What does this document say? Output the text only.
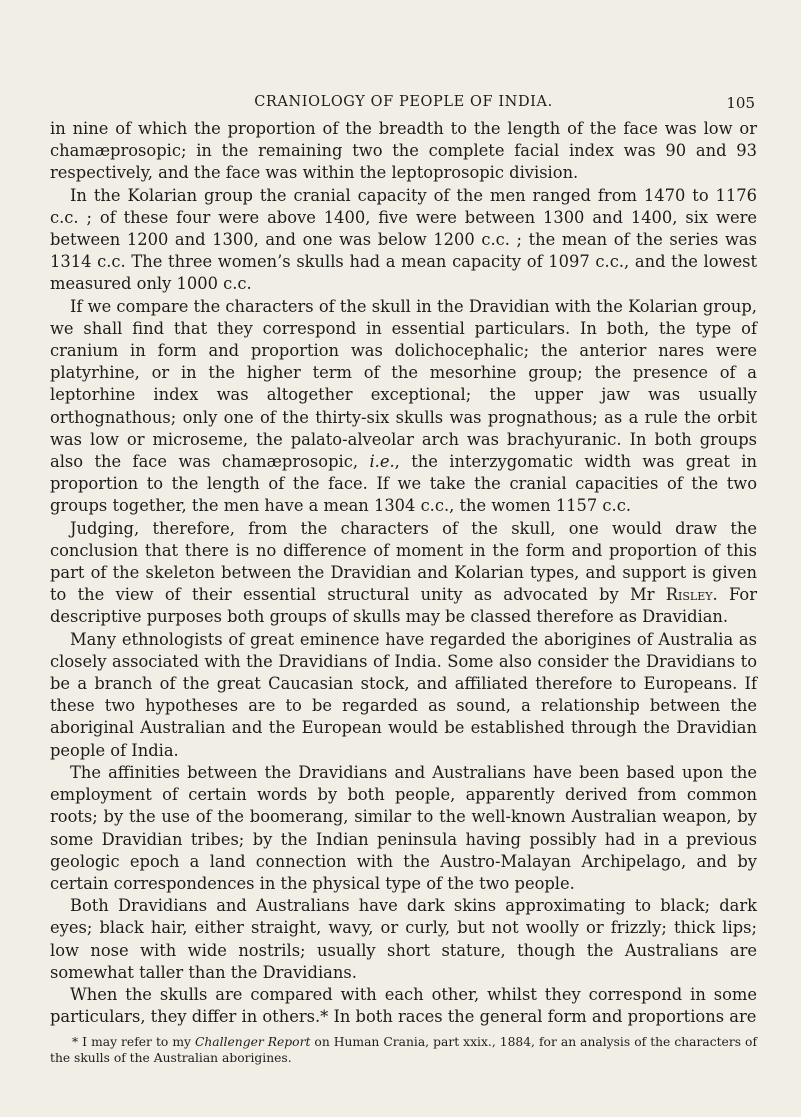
CRANIOLOGY OF PEOPLE OF INDIA.	105

in nine of which the proportion of the breadth to the length of the face was low or chamæprosopic; in the remaining two the complete facial index was 90 and 93 respectively, and the face was within the leptoprosopic division.

In the Kolarian group the cranial capacity of the men ranged from 1470 to 1176 c.c. ; of these four were above 1400, five were between 1300 and 1400, six were between 1200 and 1300, and one was below 1200 c.c. ; the mean of the series was 1314 c.c. The three women’s skulls had a mean capacity of 1097 c.c., and the lowest measured only 1000 c.c.

If we compare the characters of the skull in the Dravidian with the Kolarian group, we shall find that they correspond in essential particulars. In both, the type of cranium in form and proportion was dolichocephalic; the anterior nares were platyrhine, or in the higher term of the mesorhine group; the presence of a leptorhine index was altogether exceptional; the upper jaw was usually orthognathous; only one of the thirty-six skulls was prognathous; as a rule the orbit was low or microseme, the palato-alveolar arch was brachyuranic. In both groups also the face was chamæprosopic, i.e., the interzygomatic width was great in proportion to the length of the face. If we take the cranial capacities of the two groups together, the men have a mean 1304 c.c., the women 1157 c.c.

Judging, therefore, from the characters of the skull, one would draw the conclusion that there is no difference of moment in the form and proportion of this part of the skeleton between the Dravidian and Kolarian types, and support is given to the view of their essential structural unity as advocated by Mr Risley. For descriptive purposes both groups of skulls may be classed therefore as Dravidian.

Many ethnologists of great eminence have regarded the aborigines of Australia as closely associated with the Dravidians of India. Some also consider the Dravidians to be a branch of the great Caucasian stock, and affiliated therefore to Europeans. If these two hypotheses are to be regarded as sound, a relationship between the aboriginal Australian and the European would be established through the Dravidian people of India.

The affinities between the Dravidians and Australians have been based upon the employment of certain words by both people, apparently derived from common roots; by the use of the boomerang, similar to the well-known Australian weapon, by some Dravidian tribes; by the Indian peninsula having possibly had in a previous geologic epoch a land connection with the Austro-Malayan Archipelago, and by certain correspondences in the physical type of the two people.

Both Dravidians and Australians have dark skins approximating to black; dark eyes; black hair, either straight, wavy, or curly, but not woolly or frizzly; thick lips; low nose with wide nostrils; usually short stature, though the Australians are somewhat taller than the Dravidians.

When the skulls are compared with each other, whilst they correspond in some particulars, they differ in others.* In both races the general form and proportions are

* I may refer to my Challenger Report on Human Crania, part xxix., 1884, for an analysis of the characters of the skulls of the Australian aborigines.
